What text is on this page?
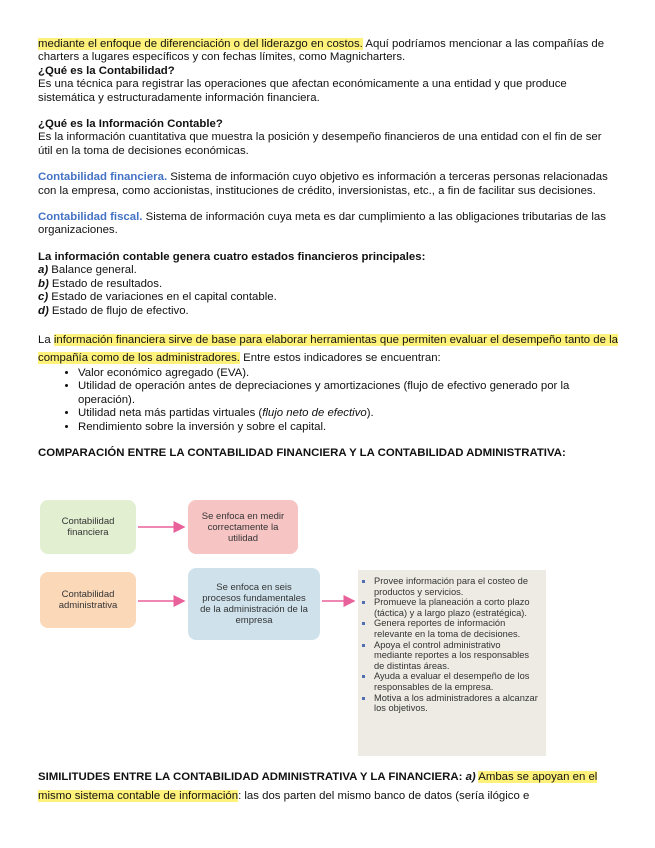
mediante el enfoque de diferenciación o del liderazgo en costos. Aquí podríamos mencionar a las compañías de charters a lugares específicos y con fechas límites, como Magnicharters.

¿Qué es la Contabilidad?

Es una técnica para registrar las operaciones que afectan económicamente a una entidad y que produce sistemática y estructuradamente información financiera.

¿Qué es la Información Contable?

Es la información cuantitativa que muestra la posición y desempeño financieros de una entidad con el fin de ser útil en la toma de decisiones económicas.

Contabilidad financiera. Sistema de información cuyo objetivo es información a terceras personas relacionadas con la empresa, como accionistas, instituciones de crédito, inversionistas, etc., a fin de facilitar sus decisiones.

Contabilidad fiscal. Sistema de información cuya meta es dar cumplimiento a las obligaciones tributarias de las organizaciones.

La información contable genera cuatro estados financieros principales:

a) Balance general.

b) Estado de resultados.

c) Estado de variaciones en el capital contable.

d) Estado de flujo de efectivo.

La información financiera sirve de base para elaborar herramientas que permiten evaluar el desempeño tanto de la compañía como de los administradores. Entre estos indicadores se encuentran:

• Valor económico agregado (EVA).
• Utilidad de operación antes de depreciaciones y amortizaciones (flujo de efectivo generado por la operación).
• Utilidad neta más partidas virtuales (flujo neto de efectivo).
• Rendimiento sobre la inversión y sobre el capital.

COMPARACIÓN ENTRE LA CONTABILIDAD FINANCIERA Y LA CONTABILIDAD ADMINISTRATIVA:

Contabilidad financiera
Se enfoca en medir correctamente la utilidad
Contabilidad administrativa
Se enfoca en seis procesos fundamentales de la administración de la empresa
▪ Provee información para el costeo de productos y servicios.
▪ Promueve la planeación a corto plazo (táctica) y a largo plazo (estratégica).
▪ Genera reportes de información relevante en la toma de decisiones.
▪ Apoya el control administrativo mediante reportes a los responsables de distintas áreas.
▪ Ayuda a evaluar el desempeño de los responsables de la empresa.
▪ Motiva a los administradores a alcanzar los objetivos.
SIMILITUDES ENTRE LA CONTABILIDAD ADMINISTRATIVA Y LA FINANCIERA: a) Ambas se apoyan en el mismo sistema contable de información: las dos parten del mismo banco de datos (sería ilógico e
